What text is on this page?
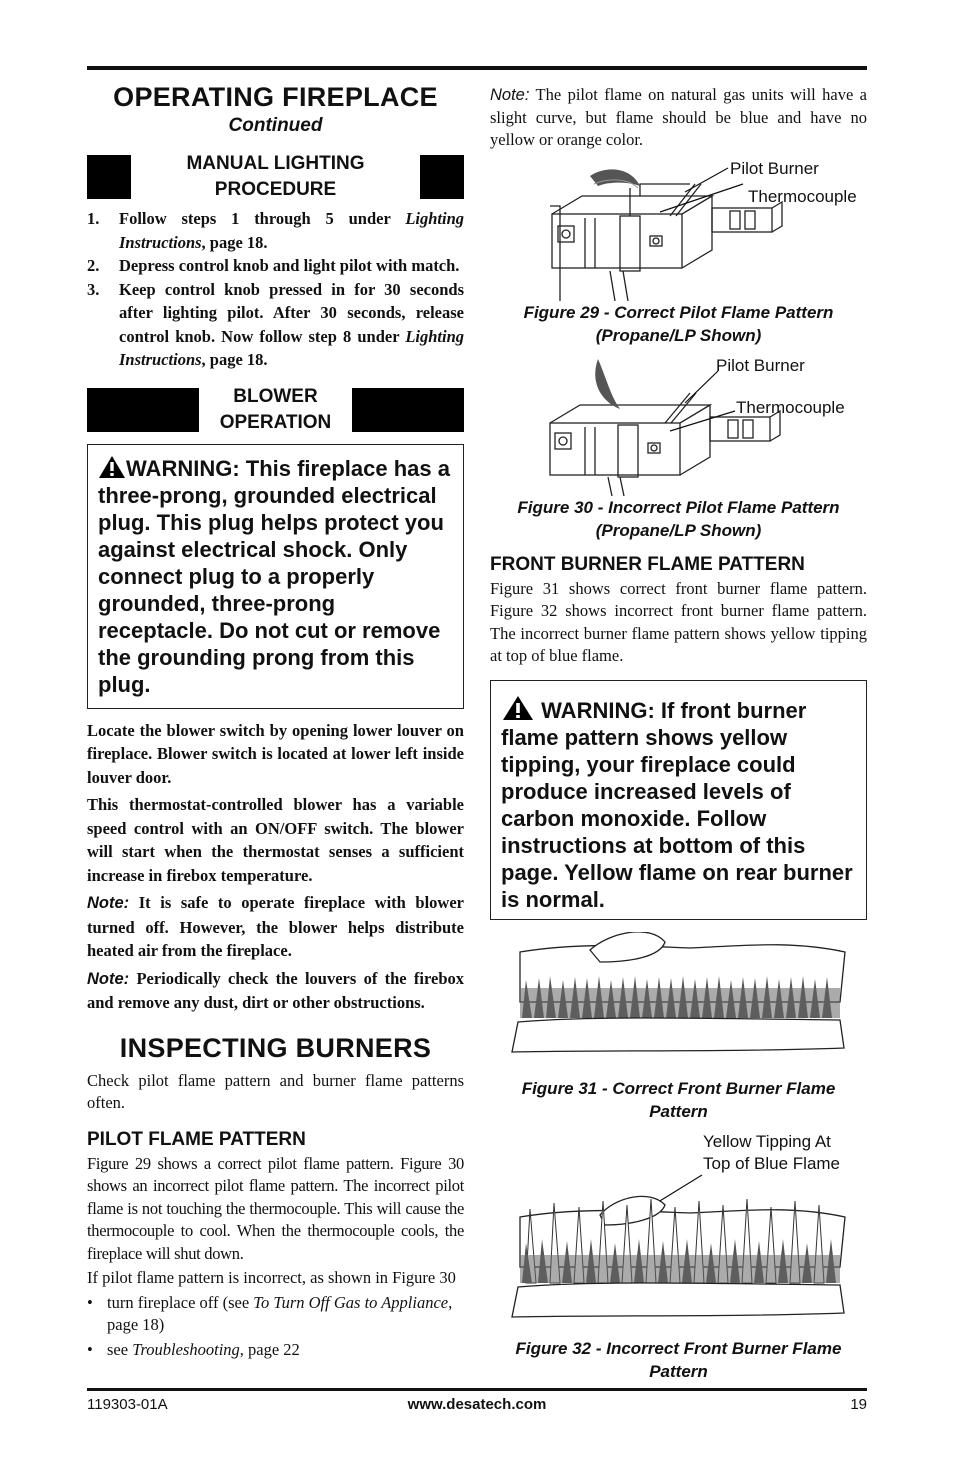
OPERATING FIREPLACE
Continued
MANUAL LIGHTING
PROCEDURE
1.	Follow steps 1 through 5 under Lighting Instructions, page 18.
2.	Depress control knob and light pilot with match.
3.	Keep control knob pressed in for 30 seconds after lighting pilot. After 30 seconds, release control knob. Now follow step 8 under Lighting Instructions, page 18.
BLOWER
OPERATION

WARNING: This fireplace has a three-prong, grounded electrical plug. This plug helps protect you against electrical shock. Only connect plug to a properly grounded, three-prong receptacle. Do not cut or remove the grounding prong from this plug.

Locate the blower switch by opening lower louver on fireplace. Blower switch is located at lower left inside louver door.

This thermostat-controlled blower has a variable speed control with an ON/OFF switch. The blower will start when the thermostat senses a sufficient increase in firebox temperature.

Note: It is safe to operate fireplace with blower turned off. However, the blower helps distribute heated air from the fireplace.

Note: Periodically check the louvers of the firebox and remove any dust, dirt or other obstructions.

INSPECTING BURNERS

Check pilot flame pattern and burner flame patterns often.

PILOT FLAME PATTERN

Figure 29 shows a correct pilot flame pattern. Figure 30 shows an incorrect pilot flame pattern. The incorrect pilot flame is not touching the thermocouple. This will cause the thermocouple to cool. When the thermocouple cools, the fireplace will shut down.

If pilot flame pattern is incorrect, as shown in Figure 30

• turn fireplace off (see To Turn Off Gas to Appliance, page 18)
• see Troubleshooting, page 22

Note: The pilot flame on natural gas units will have a slight curve, but flame should be blue and have no yellow or orange color.

Pilot Burner
Thermocouple
Figure 29 - Correct Pilot Flame Pattern
(Propane/LP Shown)
Pilot Burner
Thermocouple
Figure 30 - Incorrect Pilot Flame Pattern
(Propane/LP Shown)
FRONT BURNER FLAME PATTERN

Figure 31 shows correct front burner flame pattern. Figure 32 shows incorrect front burner flame pattern. The incorrect burner flame pattern shows yellow tipping at top of blue flame.

WARNING: If front burner flame pattern shows yellow tipping, your fireplace could produce increased levels of carbon monoxide. Follow instructions at bottom of this page. Yellow flame on rear burner is normal.

Figure 31 - Correct Front Burner Flame
Pattern
Yellow Tipping At
Top of Blue Flame
Figure 32 - Incorrect Front Burner Flame
Pattern
119303-01A	www.desatech.com	19
